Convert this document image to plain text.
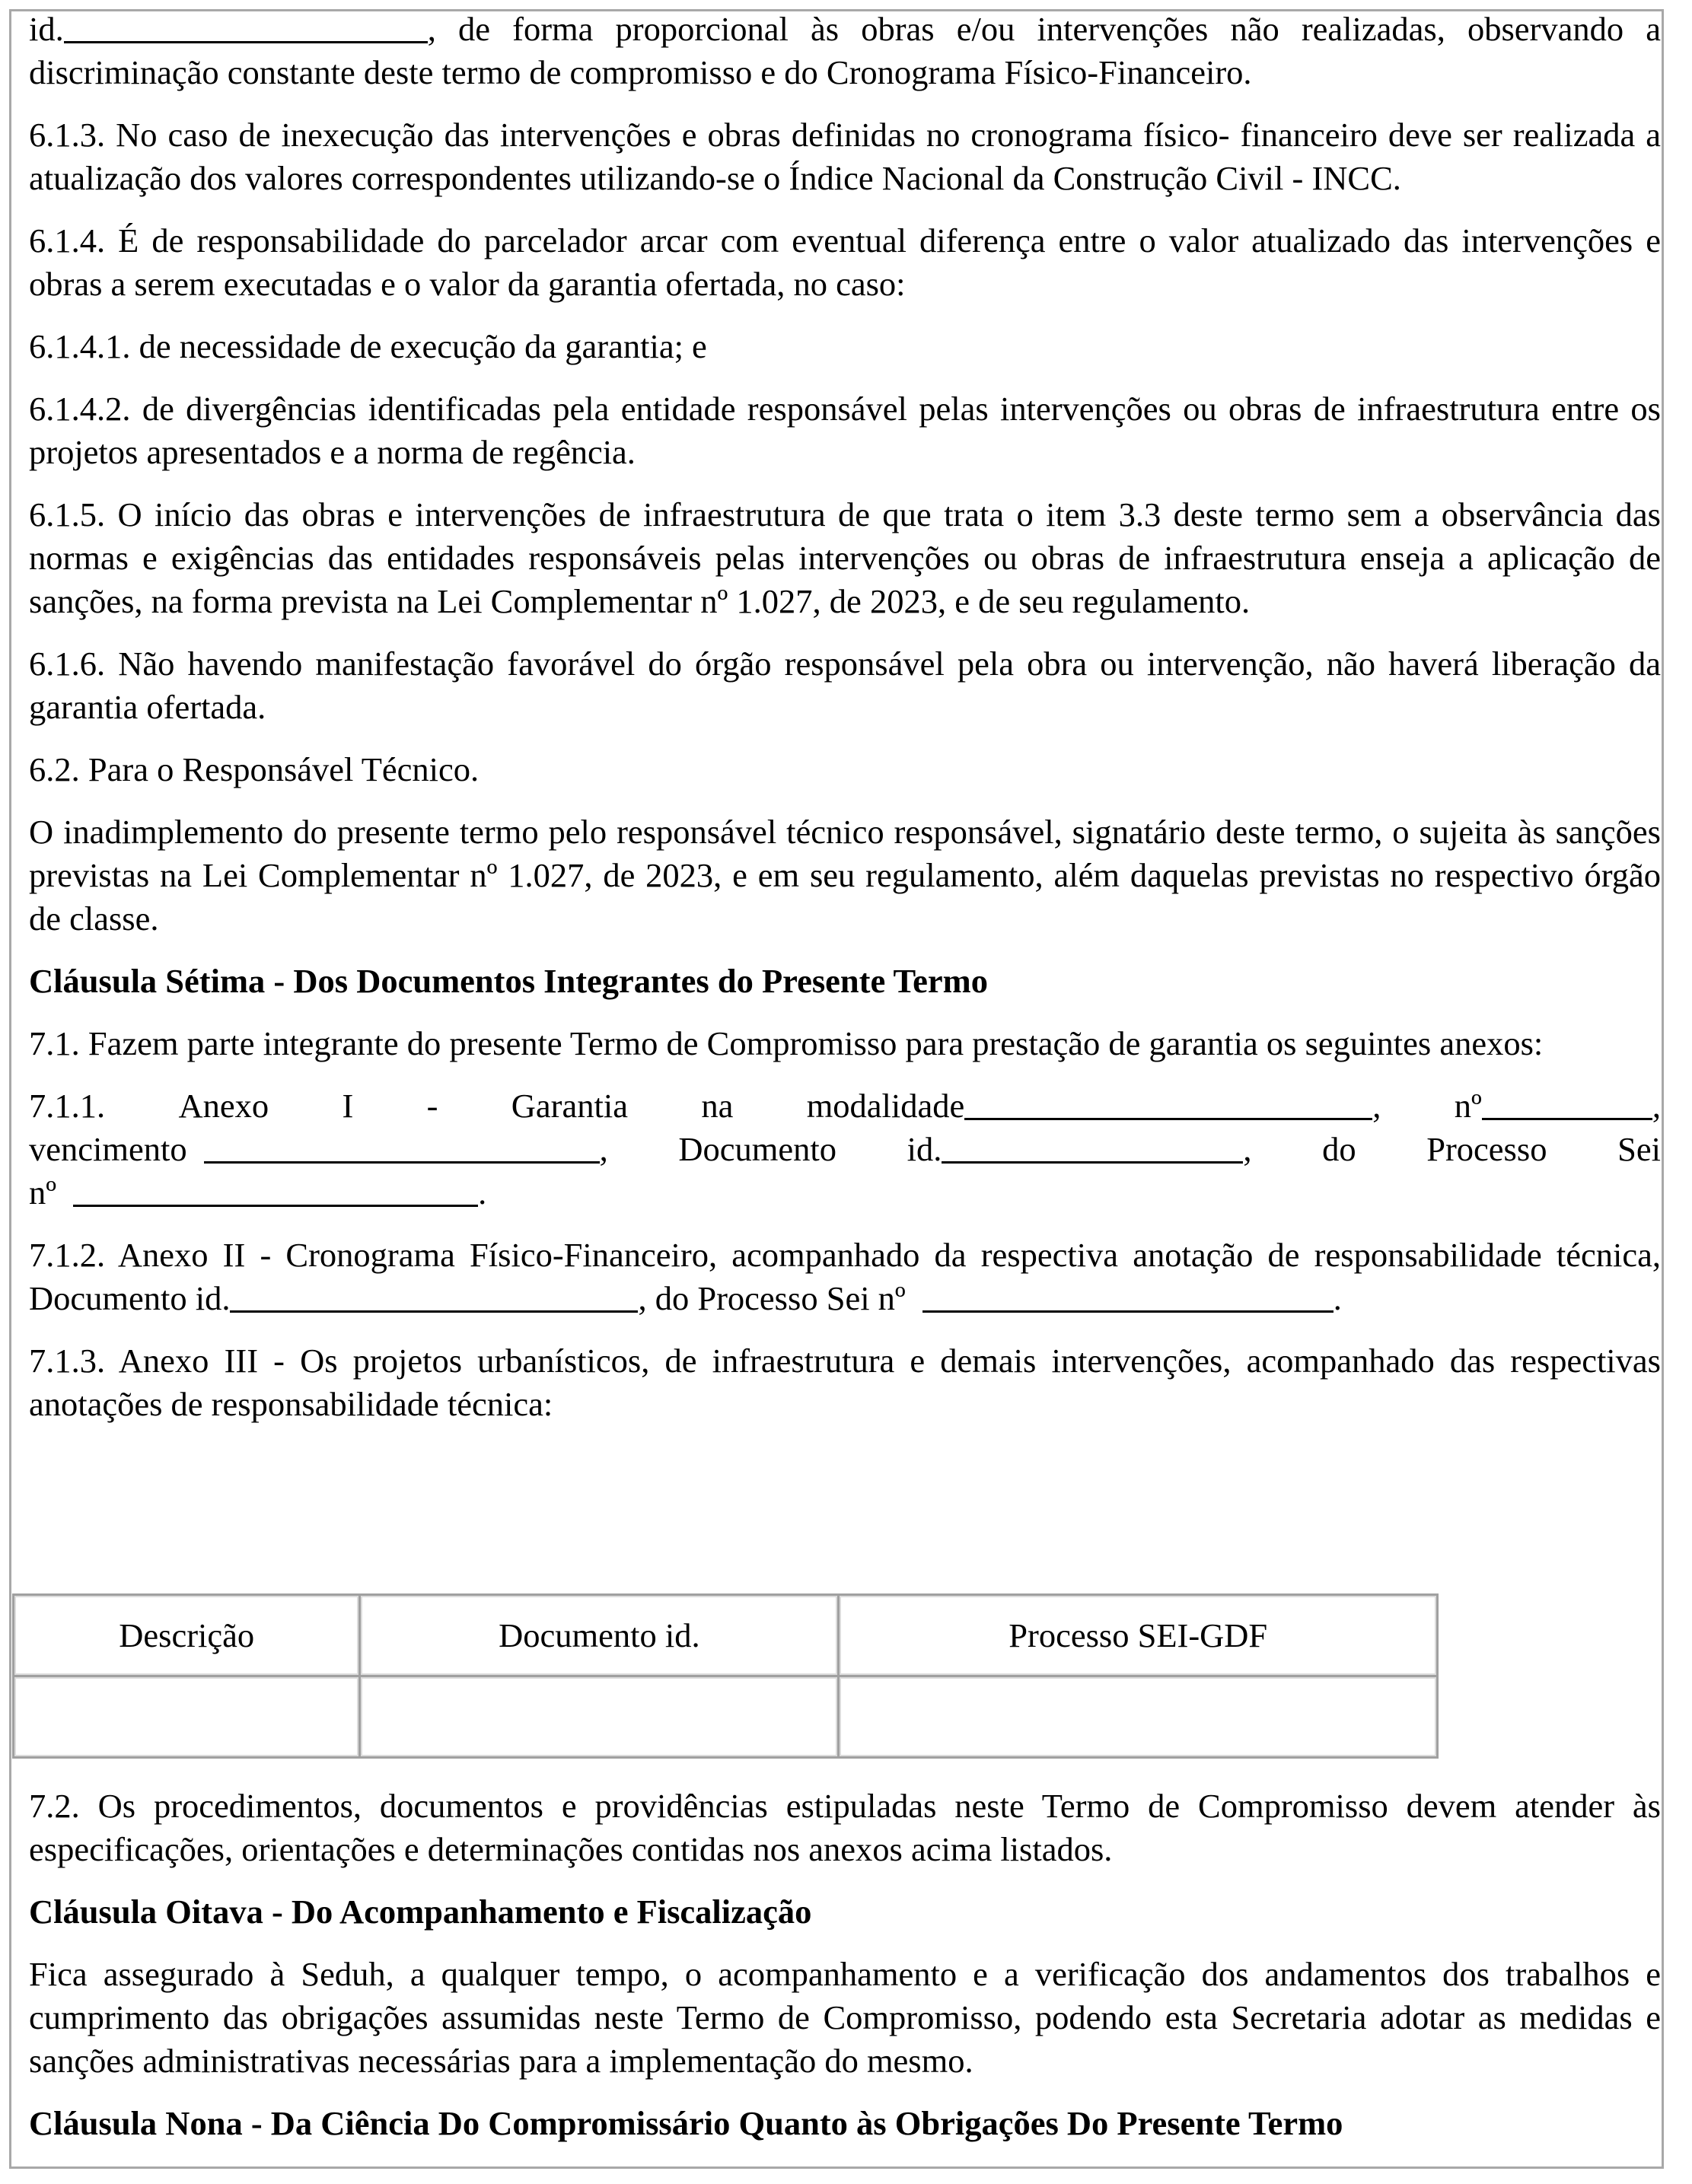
id.	, de forma proporcional às obras e/ou intervenções não realizadas, observando a discriminação constante deste termo de compromisso e do Cronograma Físico-Financeiro.

6.1.3. No caso de inexecução das intervenções e obras definidas no cronograma físico- financeiro deve ser realizada a atualização dos valores correspondentes utilizando-se o Índice Nacional da Construção Civil - INCC.

6.1.4. É de responsabilidade do parcelador arcar com eventual diferença entre o valor atualizado das intervenções e obras a serem executadas e o valor da garantia ofertada, no caso:

6.1.4.1. de necessidade de execução da garantia; e

6.1.4.2. de divergências identificadas pela entidade responsável pelas intervenções ou obras de infraestrutura entre os projetos apresentados e a norma de regência.

6.1.5. O início das obras e intervenções de infraestrutura de que trata o item 3.3 deste termo sem a observância das normas e exigências das entidades responsáveis pelas intervenções ou obras de infraestrutura enseja a aplicação de sanções, na forma prevista na Lei Complementar nº 1.027, de 2023, e de seu regulamento.

6.1.6. Não havendo manifestação favorável do órgão responsável pela obra ou intervenção, não haverá liberação da garantia ofertada.

6.2. Para o Responsável Técnico.

O inadimplemento do presente termo pelo responsável técnico responsável, signatário deste termo, o sujeita às sanções previstas na Lei Complementar nº 1.027, de 2023, e em seu regulamento, além daquelas previstas no respectivo órgão de classe.

Cláusula Sétima - Dos Documentos Integrantes do Presente Termo

7.1. Fazem parte integrante do presente Termo de Compromisso para prestação de garantia os seguintes anexos:

7.1.1. Anexo I - Garantia na modalidade	, nº	,
vencimento	, Documento id.	, do Processo Sei
nº	.

7.1.2. Anexo II - Cronograma Físico-Financeiro, acompanhado da respectiva anotação de responsabilidade técnica, Documento id.	, do Processo Sei nº	.

7.1.3. Anexo III - Os projetos urbanísticos, de infraestrutura e demais intervenções, acompanhado das respectivas anotações de responsabilidade técnica:

Descrição	Documento id.	Processo SEI-GDF

7.2. Os procedimentos, documentos e providências estipuladas neste Termo de Compromisso devem atender às especificações, orientações e determinações contidas nos anexos acima listados.

Cláusula Oitava - Do Acompanhamento e Fiscalização

Fica assegurado à Seduh, a qualquer tempo, o acompanhamento e a verificação dos andamentos dos trabalhos e cumprimento das obrigações assumidas neste Termo de Compromisso, podendo esta Secretaria adotar as medidas e sanções administrativas necessárias para a implementação do mesmo.

Cláusula Nona - Da Ciência Do Compromissário Quanto às Obrigações Do Presente Termo
